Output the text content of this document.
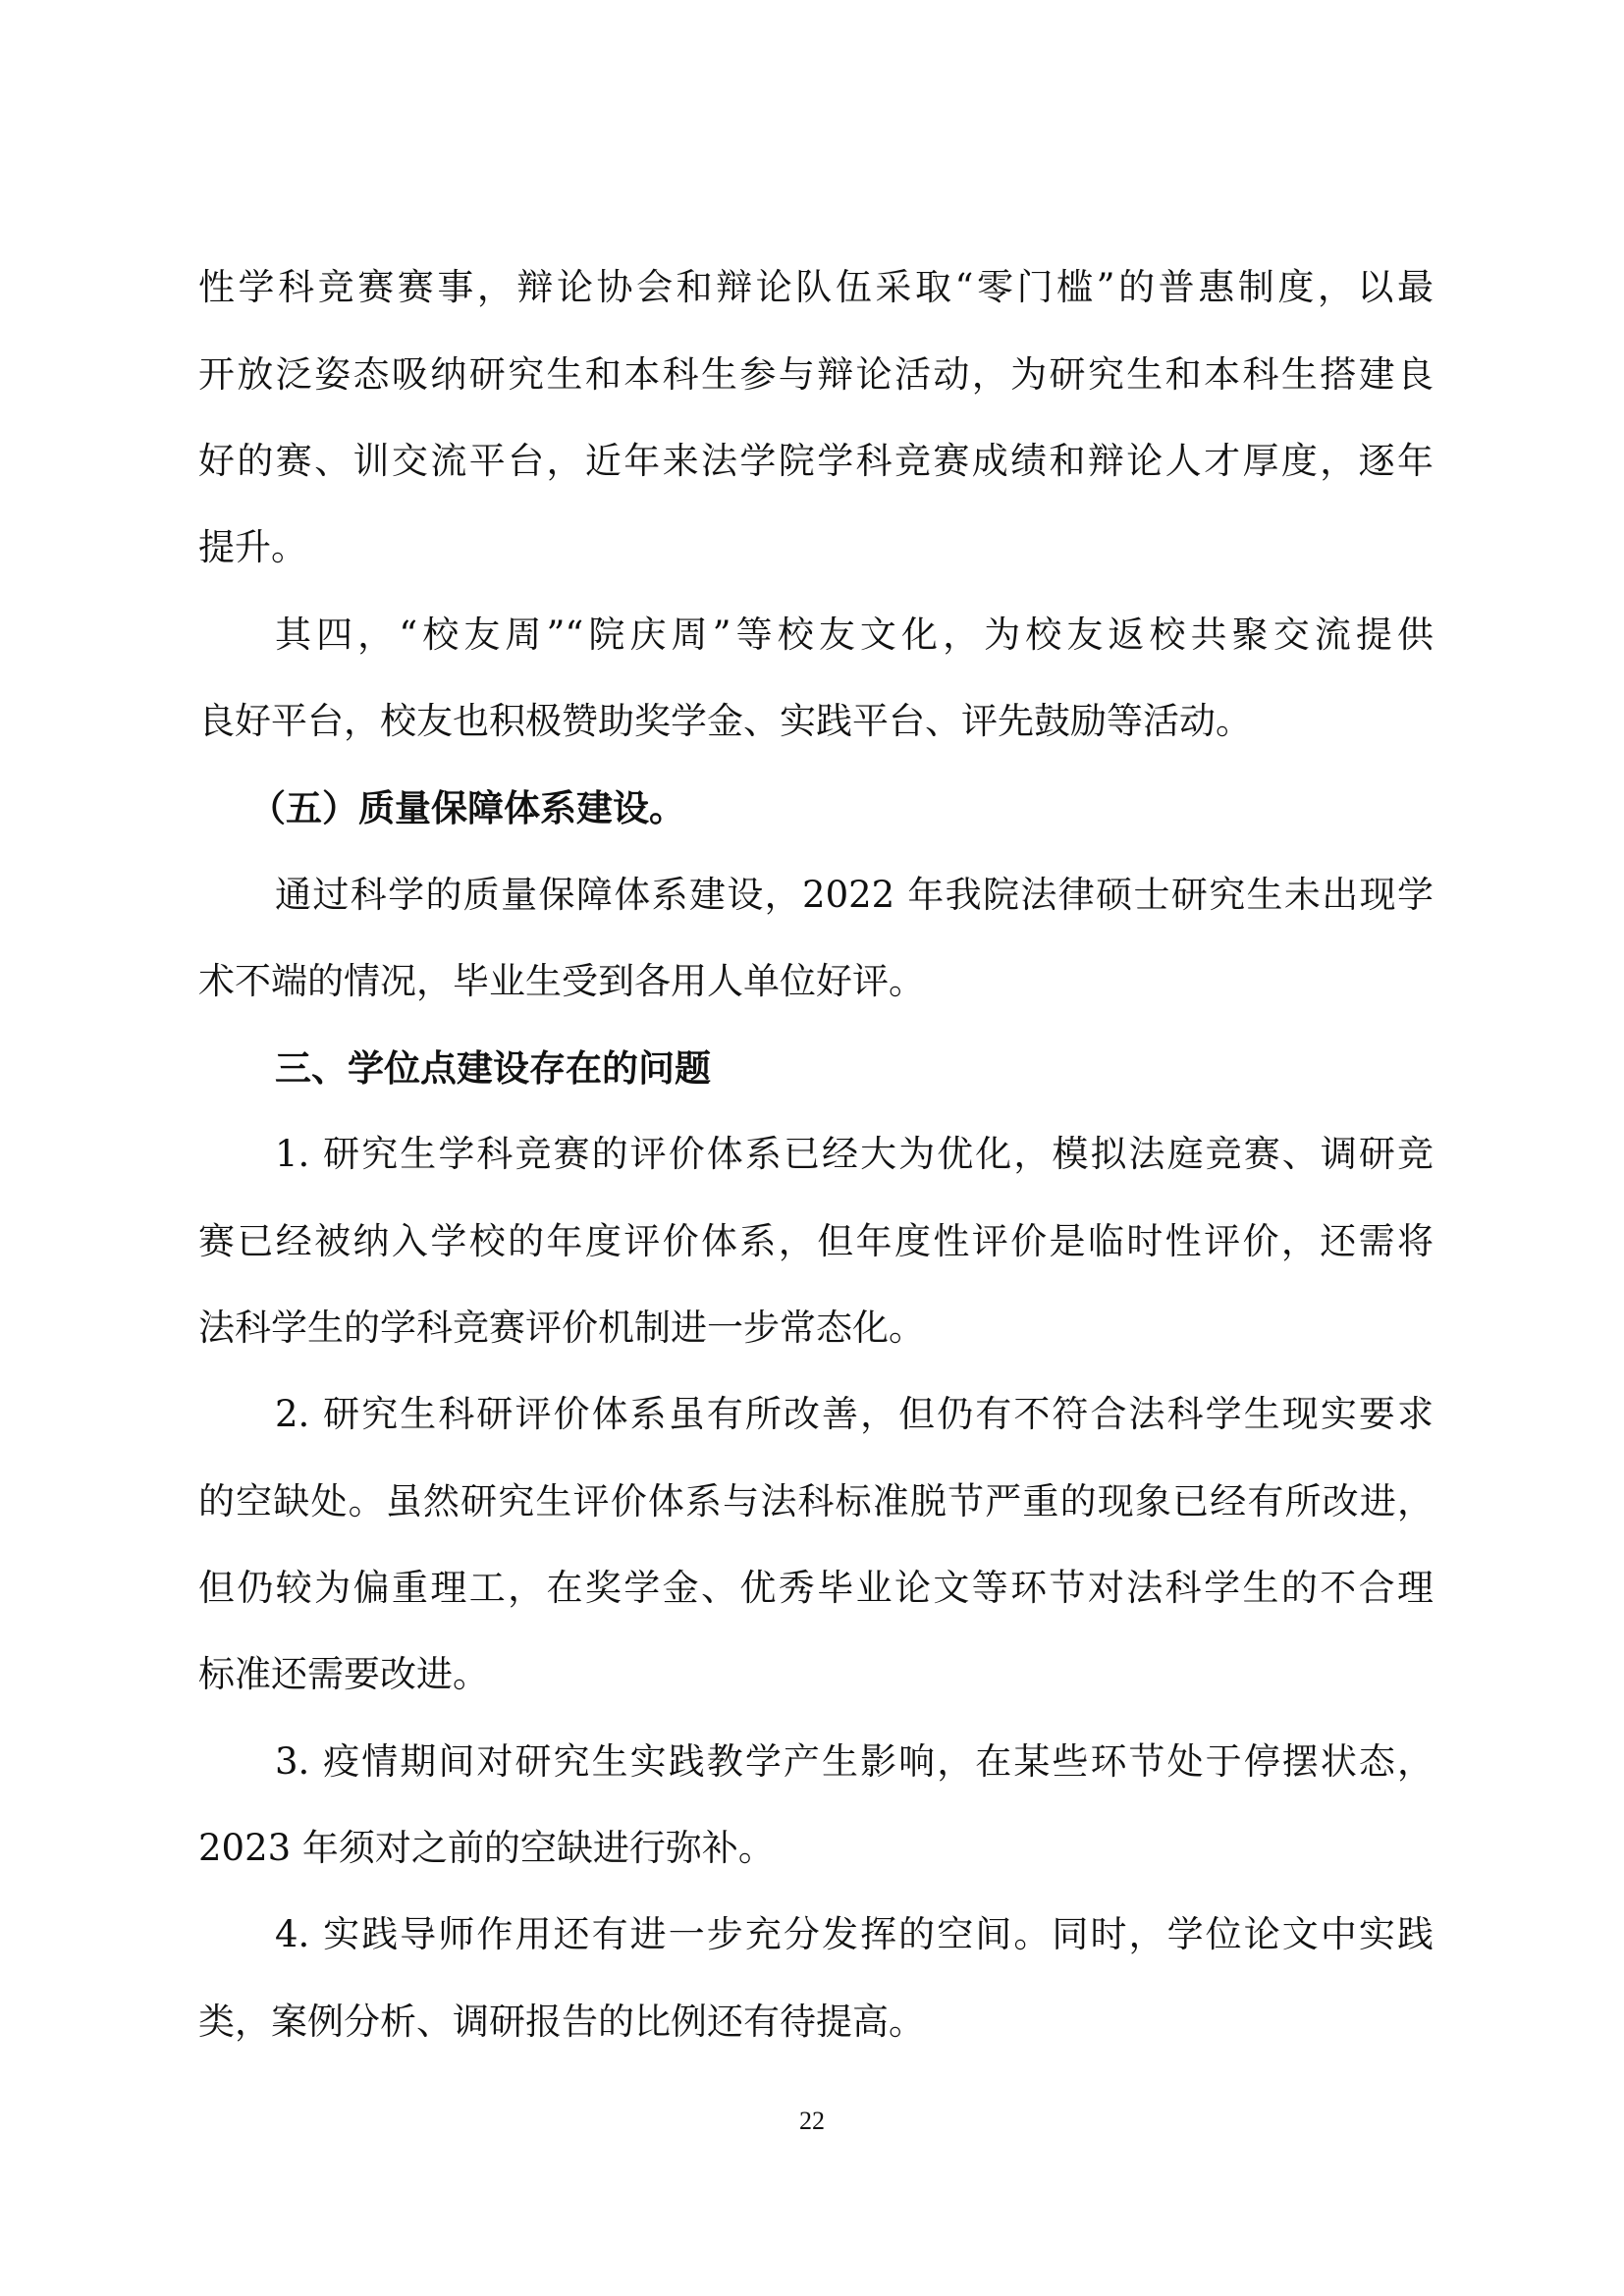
性学科竞赛赛事，辩论协会和辩论队伍采取“零门槛”的普惠制度，以最
开放泛姿态吸纳研究生和本科生参与辩论活动，为研究生和本科生搭建良
好的赛、训交流平台，近年来法学院学科竞赛成绩和辩论人才厚度，逐年
提升。
其四，“校友周”“院庆周”等校友文化，为校友返校共聚交流提供
良好平台，校友也积极赞助奖学金、实践平台、评先鼓励等活动。
（五）质量保障体系建设。
通过科学的质量保障体系建设，2022 年我院法律硕士研究生未出现学
术不端的情况，毕业生受到各用人单位好评。
三、学位点建设存在的问题
1. 研究生学科竞赛的评价体系已经大为优化，模拟法庭竞赛、调研竞
赛已经被纳入学校的年度评价体系，但年度性评价是临时性评价，还需将
法科学生的学科竞赛评价机制进一步常态化。
2. 研究生科研评价体系虽有所改善，但仍有不符合法科学生现实要求
的空缺处。虽然研究生评价体系与法科标准脱节严重的现象已经有所改进，
但仍较为偏重理工，在奖学金、优秀毕业论文等环节对法科学生的不合理
标准还需要改进。
3. 疫情期间对研究生实践教学产生影响，在某些环节处于停摆状态，
2023 年须对之前的空缺进行弥补。
4. 实践导师作用还有进一步充分发挥的空间。同时，学位论文中实践
类，案例分析、调研报告的比例还有待提高。
22
